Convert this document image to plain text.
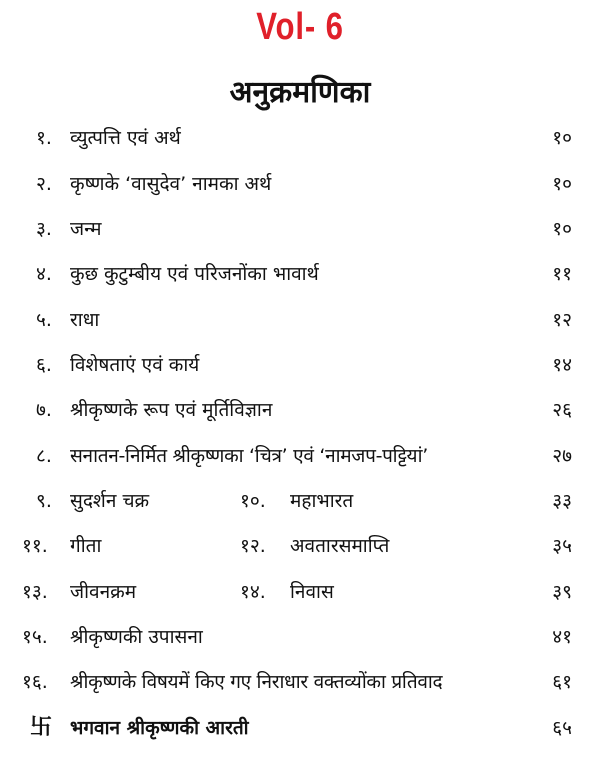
Vol- 6
अनुक्रमणिका
१. व्युत्पत्ति एवं अर्थ	१०
२. कृष्णके ‘वासुदेव’ नामका अर्थ	१०
३. जन्म	१०
४. कुछ कुटुम्बीय एवं परिजनोंका भावार्थ	११
५. राधा	१२
६. विशेषताएं एवं कार्य	१४
७. श्रीकृष्णके रूप एवं मूर्तिविज्ञान	२६
८. सनातन-निर्मित श्रीकृष्णका ‘चित्र’ एवं ‘नामजप-पट्टियां’	२७
९. सुदर्शन चक्र	१०. महाभारत	३३
११. गीता	१२. अवतारसमाप्ति	३५
१३. जीवनक्रम	१४. निवास	३९
१५. श्रीकृष्णकी उपासना	४१
१६. श्रीकृष्णके विषयमें किए गए निराधार वक्तव्योंका प्रतिवाद	६१
卐 भगवान श्रीकृष्णकी आरती	६५
